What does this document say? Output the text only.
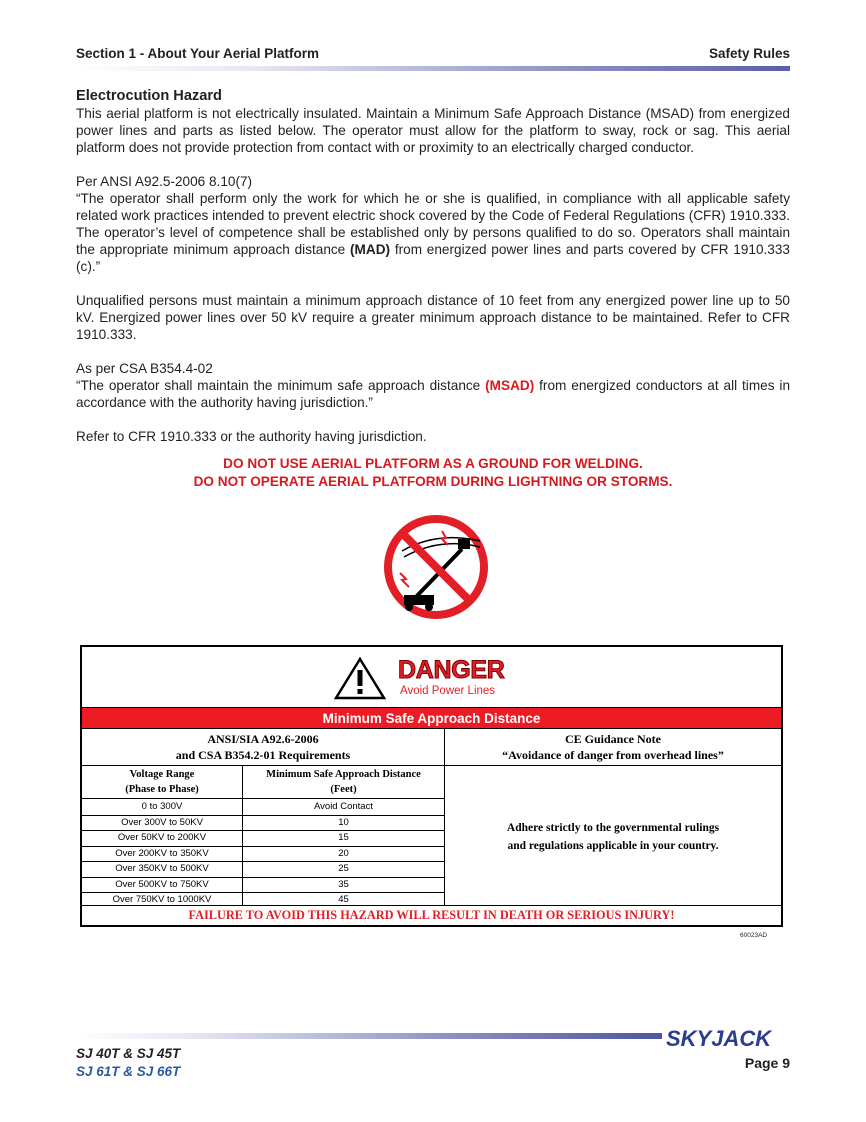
Section 1 - About Your Aerial Platform	Safety Rules
Electrocution Hazard

This aerial platform is not electrically insulated. Maintain a Minimum Safe Approach Distance (MSAD) from energized power lines and parts as listed below. The operator must allow for the platform to sway, rock or sag. This aerial platform does not provide protection from contact with or proximity to an electrically charged conductor.

Per ANSI A92.5-2006 8.10(7)
“The operator shall perform only the work for which he or she is qualified, in compliance with all applicable safety related work practices intended to prevent electric shock covered by the Code of Federal Regulations (CFR) 1910.333. The operator’s level of competence shall be established only by persons qualified to do so. Operators shall maintain the appropriate minimum approach distance (MAD) from energized power lines and parts covered by CFR 1910.333 (c).”

Unqualified persons must maintain a minimum approach distance of 10 feet from any energized power line up to 50 kV. Energized power lines over 50 kV require a greater minimum approach distance to be maintained. Refer to CFR 1910.333.

As per CSA B354.4-02
“The operator shall maintain the minimum safe approach distance (MSAD) from energized conductors at all times in accordance with the authority having jurisdiction.”

Refer to CFR 1910.333 or the authority having jurisdiction.

DO NOT USE AERIAL PLATFORM AS A GROUND FOR WELDING.
DO NOT OPERATE AERIAL PLATFORM DURING LIGHTNING OR STORMS.
DANGER
Avoid Power Lines
Minimum Safe Approach Distance
ANSI/SIA A92.6-2006
and CSA B354.2-01 Requirements
CE Guidance Note
“Avoidance of danger from overhead lines”
Voltage Range
(Phase to Phase)
Minimum Safe Approach Distance
(Feet)
0 to 300V	Avoid Contact
Over 300V to 50KV	10
Over 50KV to 200KV	15
Over 200KV to 350KV	20
Over 350KV to 500KV	25
Over 500KV to 750KV	35
Over 750KV to 1000KV	45
Adhere strictly to the governmental rulings
and regulations applicable in your country.
FAILURE TO AVOID THIS HAZARD WILL RESULT IN DEATH OR SERIOUS INJURY!
60023AD
SKYJACK
SJ 40T & SJ 45T
SJ 61T & SJ 66T
Page 9
